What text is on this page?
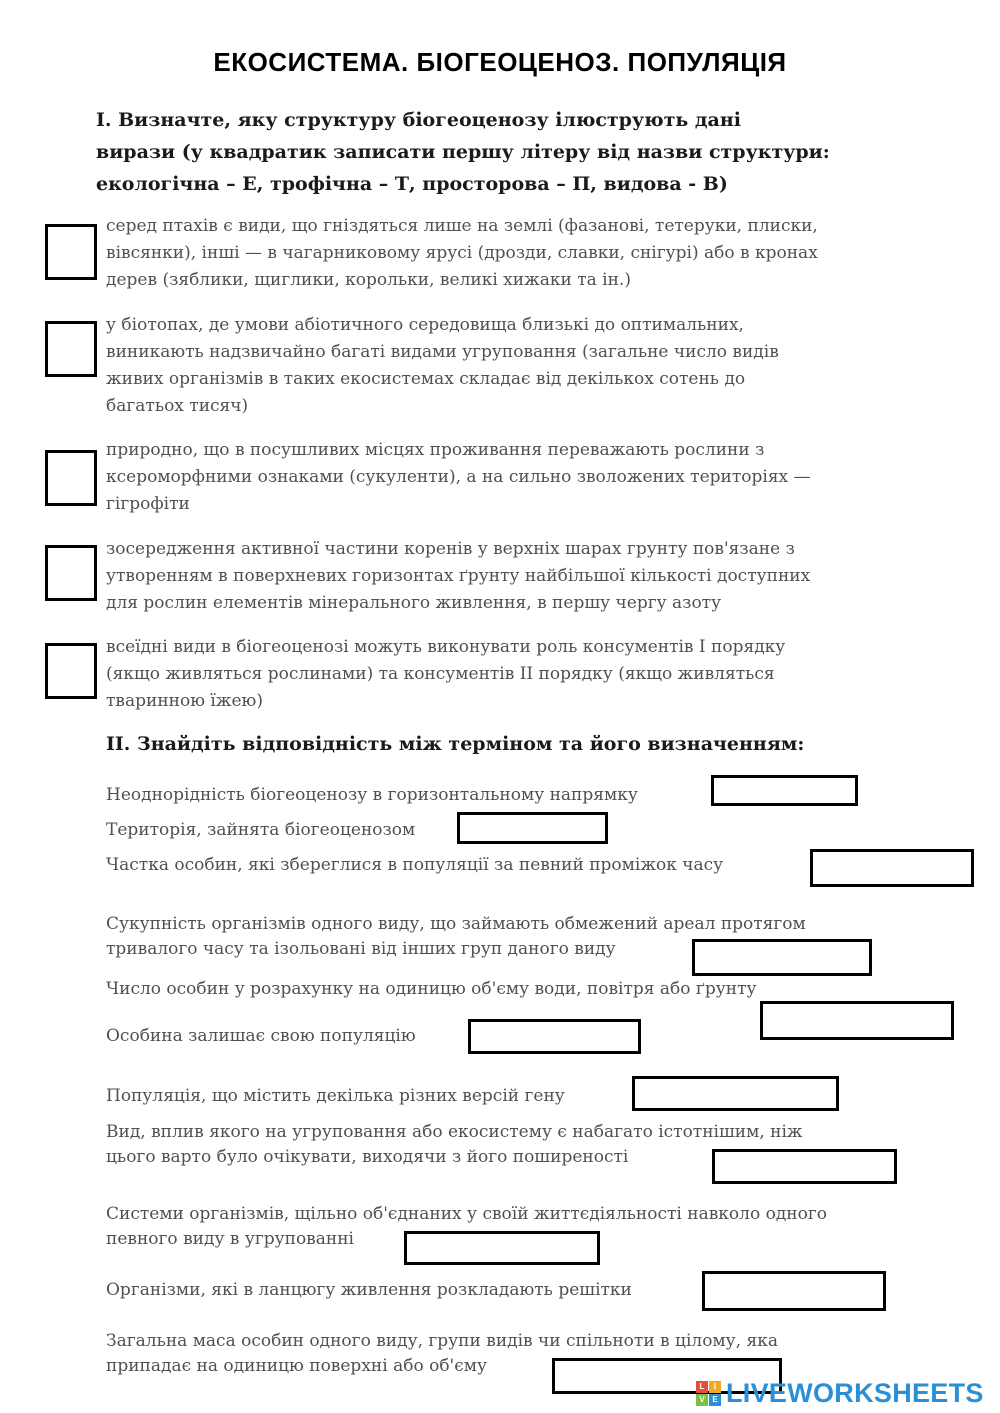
ЕКОСИСТЕМА. БІОГЕОЦЕНОЗ. ПОПУЛЯЦІЯ
І. Визначте, яку структуру біогеоценозу ілюструють дані
вирази (у квадратик записати першу літеру від назви структури:
екологічна – Е, трофічна – Т, просторова – П, видова - В)
серед птахів є види, що гніздяться лише на землі (фазанові, тетеруки, плиски,
вівсянки), інші — в чагарниковому ярусі (дрозди, славки, снігурі) або в кронах
дерев (зяблики, щиглики, корольки, великі хижаки та ін.)
у біотопах, де умови абіотичного середовища близькі до оптимальних,
виникають надзвичайно багаті видами угруповання (загальне число видів
живих організмів в таких екосистемах складає від декількох сотень до
багатьох тисяч)
природно, що в посушливих місцях проживання переважають рослини з
ксероморфними ознаками (сукуленти), а на сильно зволожених територіях —
гігрофіти
зосередження активної частини коренів у верхніх шарах грунту пов'язане з
утворенням в поверхневих горизонтах ґрунту найбільшої кількості доступних
для рослин елементів мінерального живлення, в першу чергу азоту
всеїдні види в біогеоценозі можуть виконувати роль консументів І порядку
(якщо живляться рослинами) та консументів ІІ порядку (якщо живляться
тваринною їжею)
ІІ. Знайдіть відповідність між терміном та його визначенням:
Неоднорідність біогеоценозу в горизонтальному напрямку
Територія, зайнята біогеоценозом
Частка особин, які збереглися в популяції за певний проміжок часу
Сукупність організмів одного виду, що займають обмежений ареал протягом
тривалого часу та ізольовані від інших груп даного виду
Число особин у розрахунку на одиницю об'єму води, повітря або ґрунту
Особина залишає свою популяцію
Популяція, що містить декілька різних версій гену
Вид, вплив якого на угруповання або екосистему є набагато істотнішим, ніж
цього варто було очікувати, виходячи з його поширеності
Системи організмів, щільно об'єднаних у своїй життєдіяльності навколо одного
певного виду в угрупованні
Організми, які в ланцюгу живлення розкладають решітки
Загальна маса особин одного виду, групи видів чи спільноти в цілому, яка
припадає на одиницю поверхні або об'єму
L	I
V E LIVEWORKSHEETS
